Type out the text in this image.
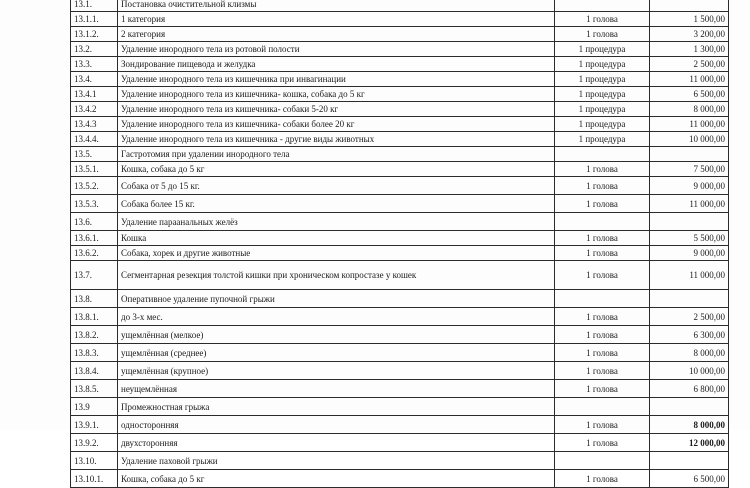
13.1.	Постановка очистительной клизмы		
13.1.1.	1 категория	1 голова	1 500,00
13.1.2.	2 категория	1 голова	3 200,00
13.2.	Удаление инородного тела из ротовой полости	1 процедура	1 300,00
13.3.	Зондирование пищевода и желудка	1 процедура	2 500,00
13.4.	Удаление инородного тела из кишечника при инвагинации	1 процедура	11 000,00
13.4.1	Удаление инородного тела из кишечника- кошка, собака до 5 кг	1 процедура	6 500,00
13.4.2	Удаление инородного тела из кишечника- собаки 5-20 кг	1 процедура	8 000,00
13.4.3	Удаление инородного тела из кишечника- собаки более 20 кг	1 процедура	11 000,00
13.4.4.	Удаление инородного тела из кишечника - другие виды животных	1 процедура	10 000,00
13.5.	Гастротомия при удалении инородного тела		
13.5.1.	Кошка, собака до 5 кг	1 голова	7 500,00
13.5.2.	Собака от 5 до 15 кг.	1 голова	9 000,00
13.5.3.	Собака более 15 кг.	1 голова	11 000,00
13.6.	Удаление параанальных желёз		
13.6.1.	Кошка	1 голова	5 500,00
13.6.2.	Собака, хорек и другие животные	1 голова	9 000,00
13.7.	Сегментарная резекция толстой кишки при хроническом копростазе у кошек	1 голова	11 000,00
13.8.	Оперативное удаление пупочной грыжи		
13.8.1.	до 3-х мес.	1 голова	2 500,00
13.8.2.	ущемлённая (мелкое)	1 голова	6 300,00
13.8.3.	ущемлённая (среднее)	1 голова	8 000,00
13.8.4.	ущемлённая (крупное)	1 голова	10 000,00
13.8.5.	неущемлённая	1 голова	6 800,00
13.9	Промежностная грыжа		
13.9.1.	односторонняя	1 голова	8 000,00
13.9.2.	двухсторонняя	1 голова	12 000,00
13.10.	Удаление паховой грыжи		
13.10.1.	Кошка, собака до 5 кг	1 голова	6 500,00
